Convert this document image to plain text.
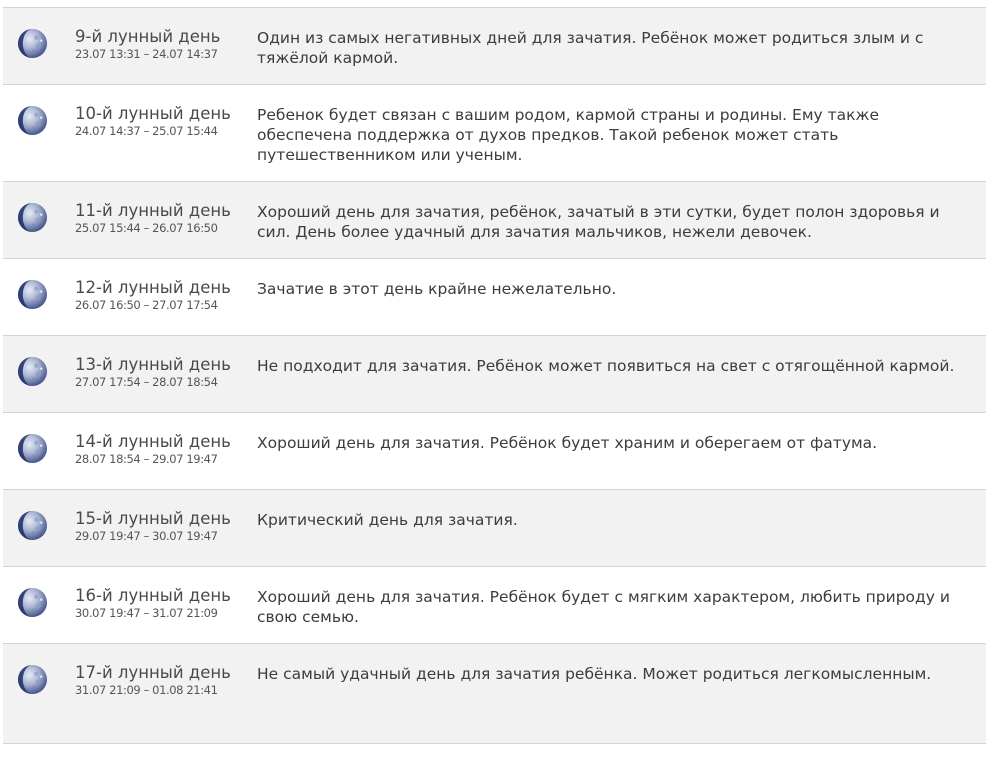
9-й лунный день
23.07 13:31 – 24.07 14:37
Один из самых негативных дней для зачатия. Ребёнок может родиться злым и с тяжёлой кармой.
10-й лунный день
24.07 14:37 – 25.07 15:44
Ребенок будет связан с вашим родом, кармой страны и родины. Ему также обеспечена поддержка от духов предков. Такой ребенок может стать путешественником или ученым.
11-й лунный день
25.07 15:44 – 26.07 16:50
Хороший день для зачатия, ребёнок, зачатый в эти сутки, будет полон здоровья и сил. День более удачный для зачатия мальчиков, нежели девочек.
12-й лунный день
26.07 16:50 – 27.07 17:54
Зачатие в этот день крайне нежелательно.
13-й лунный день
27.07 17:54 – 28.07 18:54
Не подходит для зачатия. Ребёнок может появиться на свет с отягощённой кармой.
14-й лунный день
28.07 18:54 – 29.07 19:47
Хороший день для зачатия. Ребёнок будет храним и оберегаем от фатума.
15-й лунный день
29.07 19:47 – 30.07 19:47
Критический день для зачатия.
16-й лунный день
30.07 19:47 – 31.07 21:09
Хороший день для зачатия. Ребёнок будет с мягким характером, любить природу и свою семью.
17-й лунный день
31.07 21:09 – 01.08 21:41
Не самый удачный день для зачатия ребёнка. Может родиться легкомысленным.
